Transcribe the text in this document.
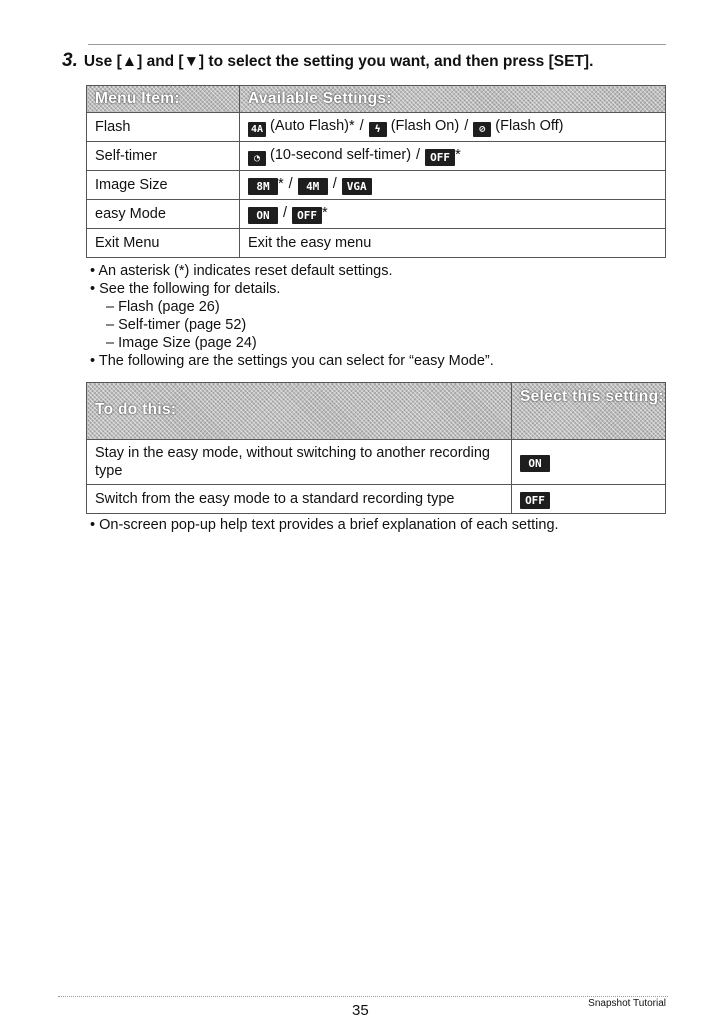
3. Use [▲] and [▼] to select the setting you want, and then press [SET].
Menu Item:	Available Settings:
Flash	4A (Auto Flash)* / ϟ (Flash On) / ⊘ (Flash Off)
Self-timer	◔ (10-second self-timer) / OFF *
Image Size	8M * / 4M / VGA
easy Mode	ON / OFF *
Exit Menu	Exit the easy menu

• An asterisk (*) indicates reset default settings.

• See the following for details.

– Flash (page 26)

– Self-timer (page 52)

– Image Size (page 24)

• The following are the settings you can select for “easy Mode”.

To do this:	Select this setting:
Stay in the easy mode, without switching to another recording type	ON
Switch from the easy mode to a standard recording type	OFF
• On-screen pop-up help text provides a brief explanation of each setting.
35	Snapshot Tutorial
